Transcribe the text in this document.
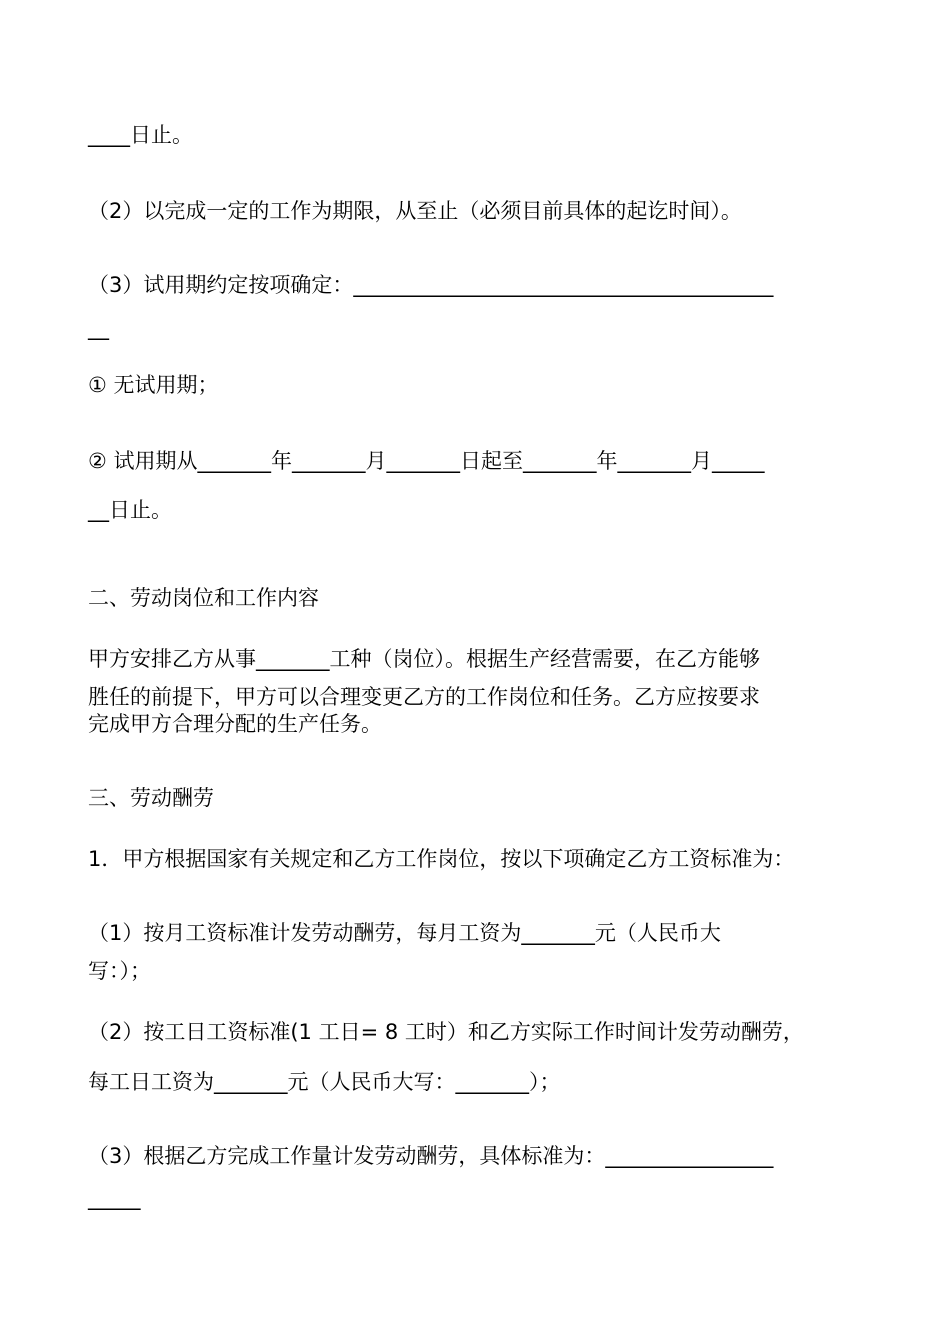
____日止。

（2）以完成一定的工作为期限，从至止（必须目前具体的起讫时间）。

（3）试用期约定按项确定：________________________________________

__

① 无试用期；

② 试用期从_______年_______月_______日起至_______年_______月_____

__日止。

二、劳动岗位和工作内容

甲方安排乙方从事_______工种（岗位）。根据生产经营需要，在乙方能够

胜任的前提下，甲方可以合理变更乙方的工作岗位和任务。乙方应按要求

完成甲方合理分配的生产任务。

三、劳动酬劳

1．甲方根据国家有关规定和乙方工作岗位，按以下项确定乙方工资标准为：

（1）按月工资标准计发劳动酬劳，每月工资为_______元（人民币大

写：）；

（2）按工日工资标准(1 工日= 8 工时）和乙方实际工作时间计发劳动酬劳，

每工日工资为_______元（人民币大写：_______）；

（3）根据乙方完成工作量计发劳动酬劳，具体标准为：________________

_____
